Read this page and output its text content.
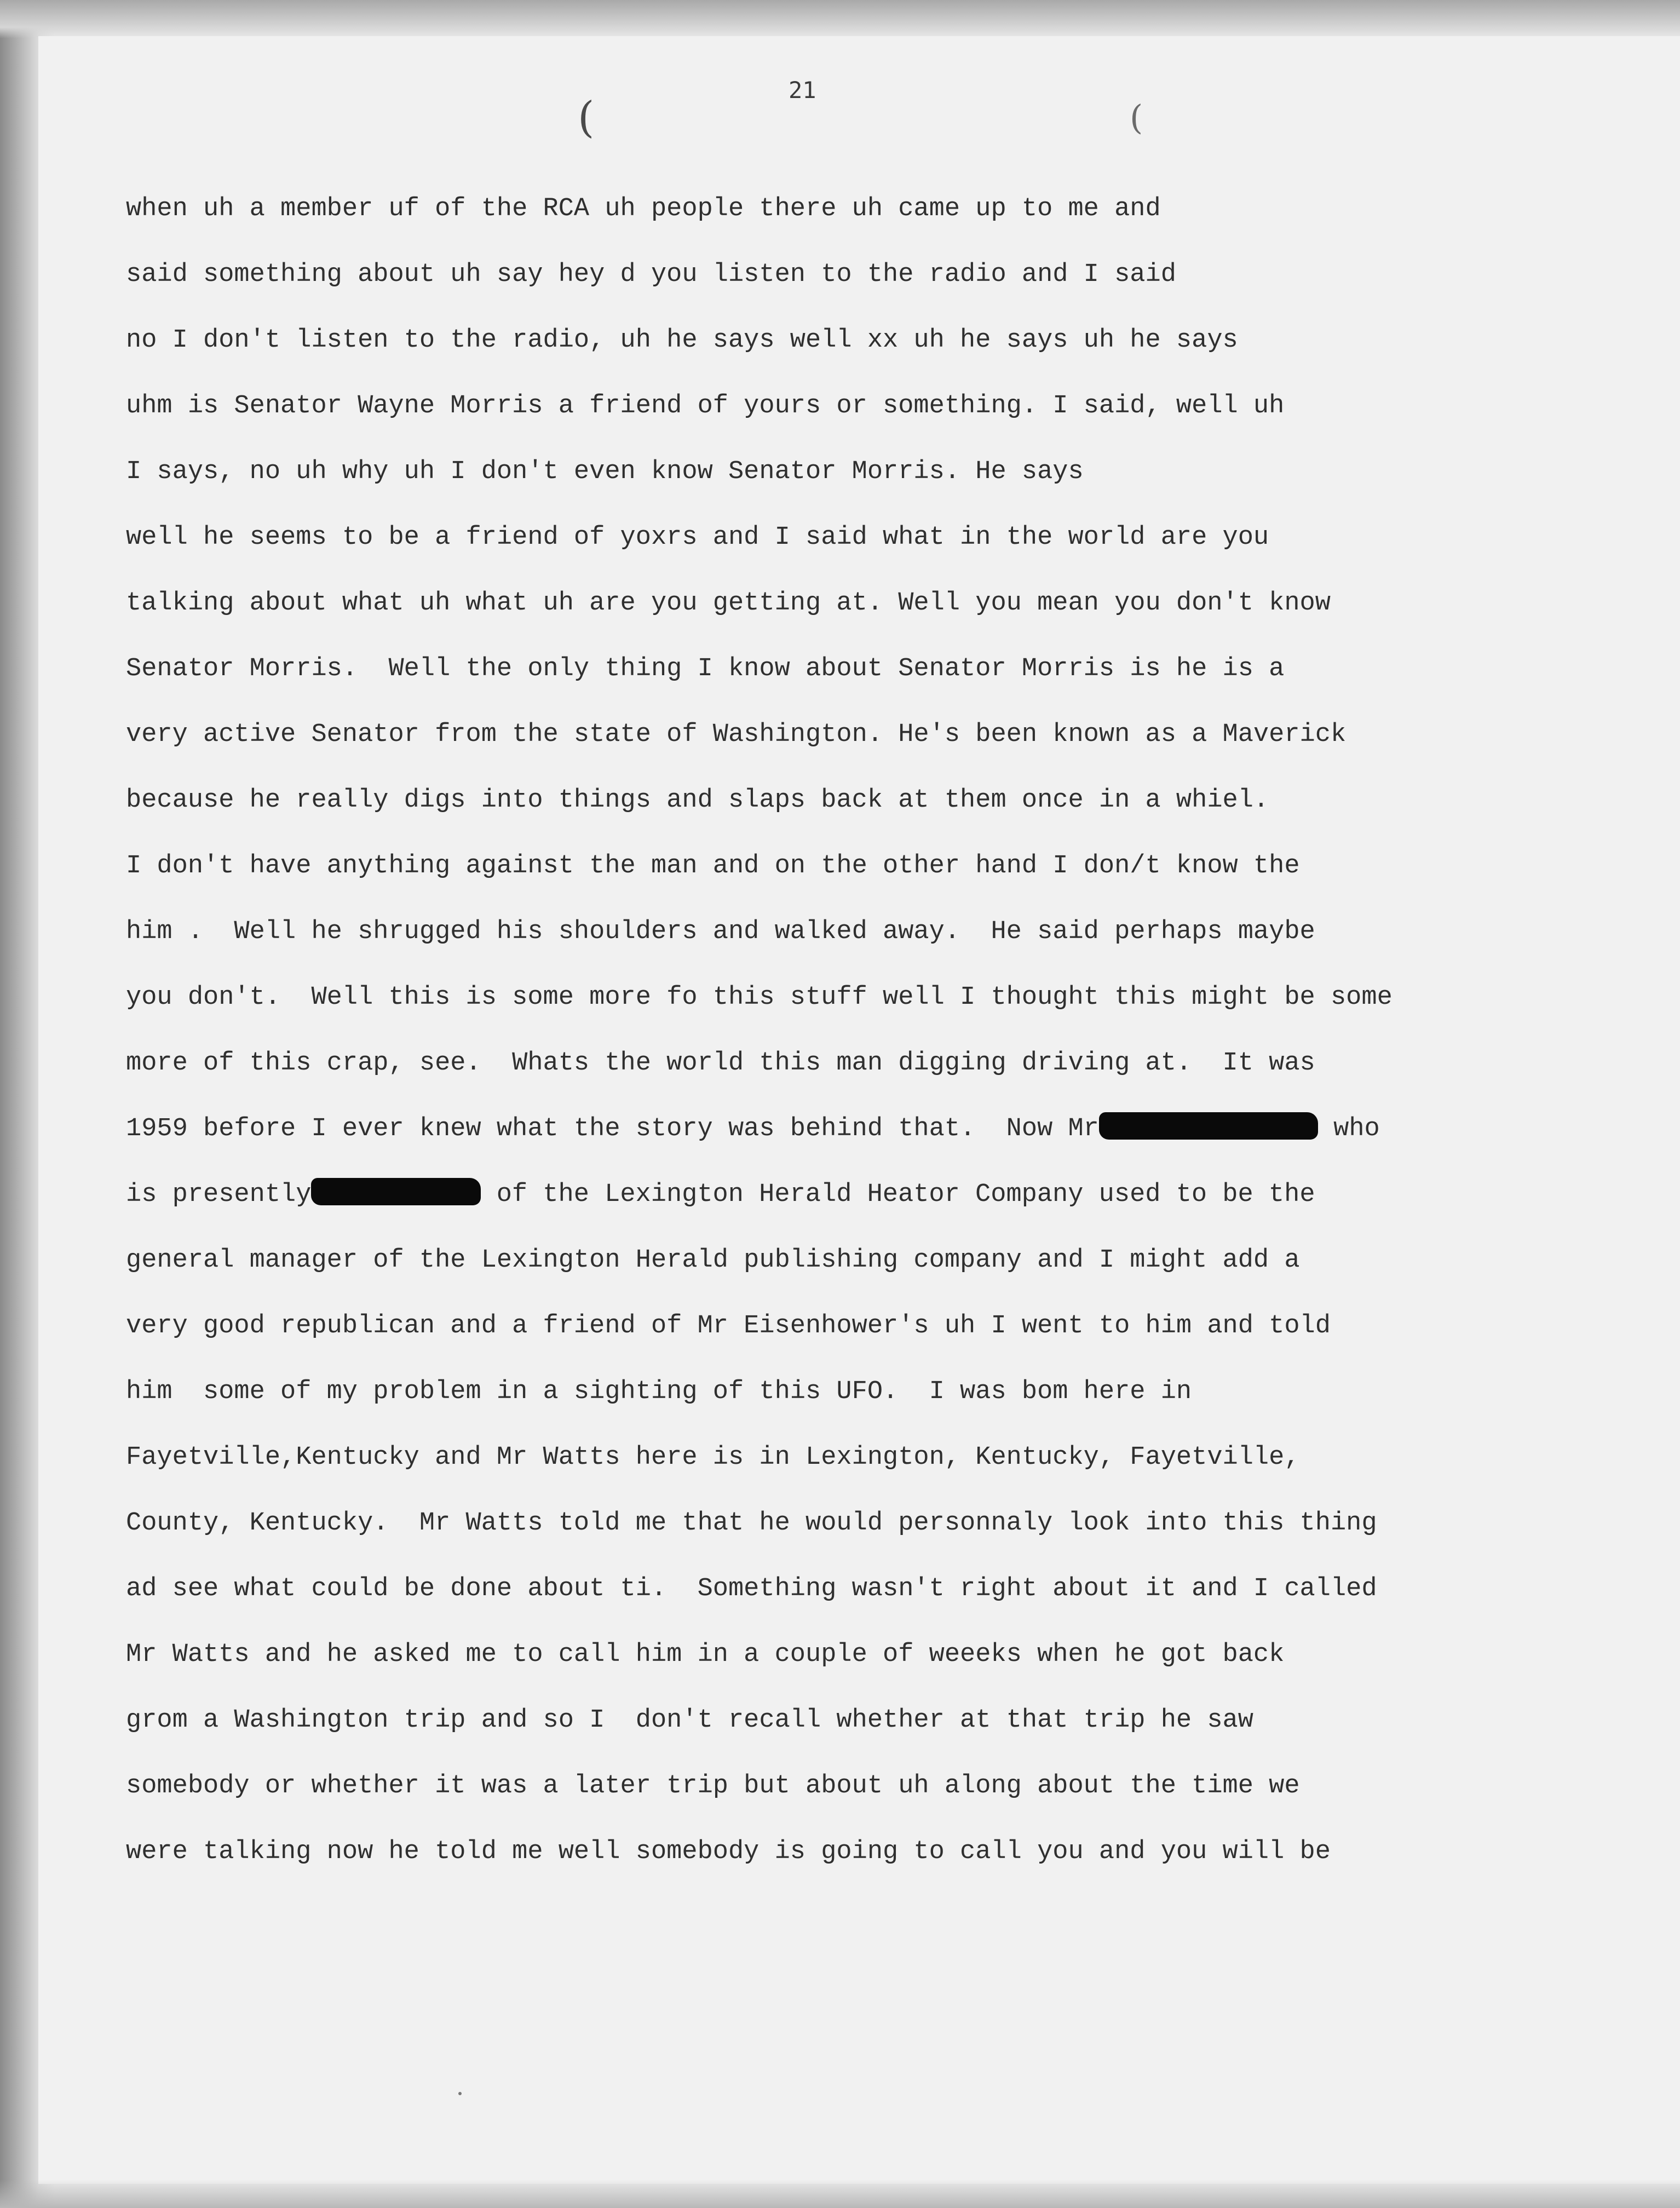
21
(	(
when uh a member uf of the RCA uh people there uh came up to me and
said something about uh say hey d you listen to the radio and I said
no I don't listen to the radio, uh he says well xx uh he says uh he says
uhm is Senator Wayne Morris a friend of yours or something. I said, well uh
I says, no uh why uh I don't even know Senator Morris. He says
well he seems to be a friend of yoxrs and I said what in the world are you
talking about what uh what uh are you getting at. Well you mean you don't know
Senator Morris.  Well the only thing I know about Senator Morris is he is a
very active Senator from the state of Washington. He's been known as a Maverick
because he really digs into things and slaps back at them once in a whiel.
I don't have anything against the man and on the other hand I don/t know the
him .  Well he shrugged his shoulders and walked away.  He said perhaps maybe
you don't.  Well this is some more fo this stuff well I thought this might be some
more of this crap, see.  Whats the world this man digging driving at.  It was
1959 before I ever knew what the story was behind that.  Now Mr	who
is presently	of the Lexington Herald Heator Company used to be the
general manager of the Lexington Herald publishing company and I might add a
very good republican and a friend of Mr Eisenhower's uh I went to him and told
him  some of my problem in a sighting of this UFO.  I was bom here in
Fayetville,Kentucky and Mr Watts here is in Lexington, Kentucky, Fayetville,
County, Kentucky.  Mr Watts told me that he would personnaly look into this thing
ad see what could be done about ti.  Something wasn't right about it and I called
Mr Watts and he asked me to call him in a couple of weeeks when he got back
grom a Washington trip and so I  don't recall whether at that trip he saw
somebody or whether it was a later trip but about uh along about the time we
were talking now he told me well somebody is going to call you and you will be
